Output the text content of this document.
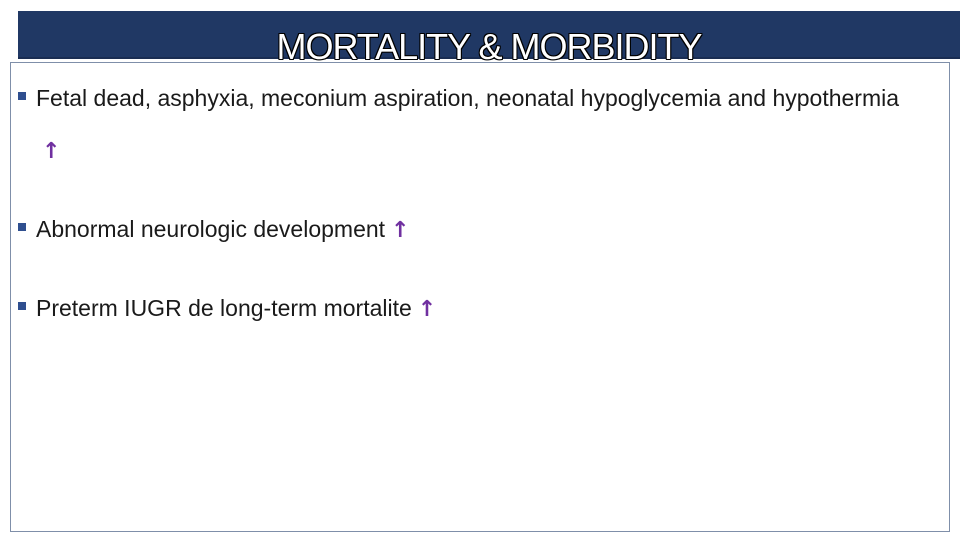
MORTALITY & MORBIDITY
Fetal dead, asphyxia, meconium aspiration, neonatal hypoglycemia and hypothermia↑
Abnormal neurologic development ↑
Preterm IUGR de long-term mortalite ↑
